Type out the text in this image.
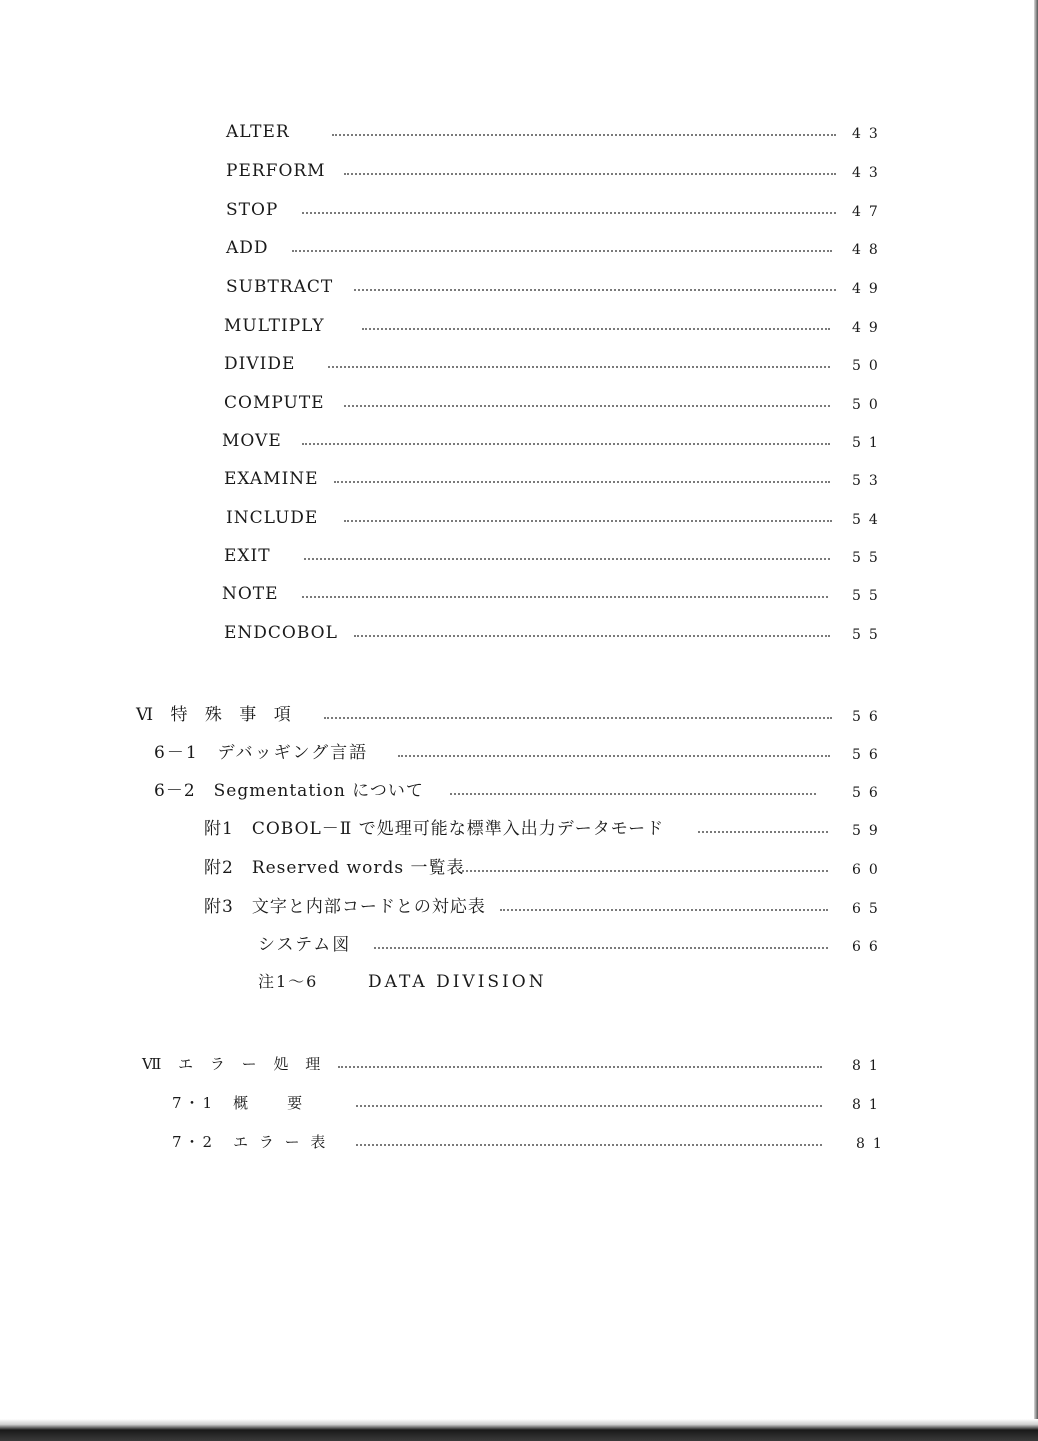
ALTER	43
PERFORM	43
STOP	47
ADD	48
SUBTRACT	49
MULTIPLY	49
DIVIDE	50
COMPUTE	50
MOVE	51
EXAMINE	53
INCLUDE	54
EXIT	55
NOTE	55
ENDCOBOL	55
Ⅵ 特 殊 事 項	56
6－1　デバッギング言語	56
6－2　Segmentation について	56
附1　COBOL－Ⅱ で処理可能な標準入出力データモード	59
附2　Reserved words 一覧表	60
附3　文字と内部コードとの対応表	65
システム図	66
注1～6	DATA DIVISION
Ⅶ エ ラ ー 処 理	81
7・1　概　　要	81
7・2　エ ラ ー 表	81
